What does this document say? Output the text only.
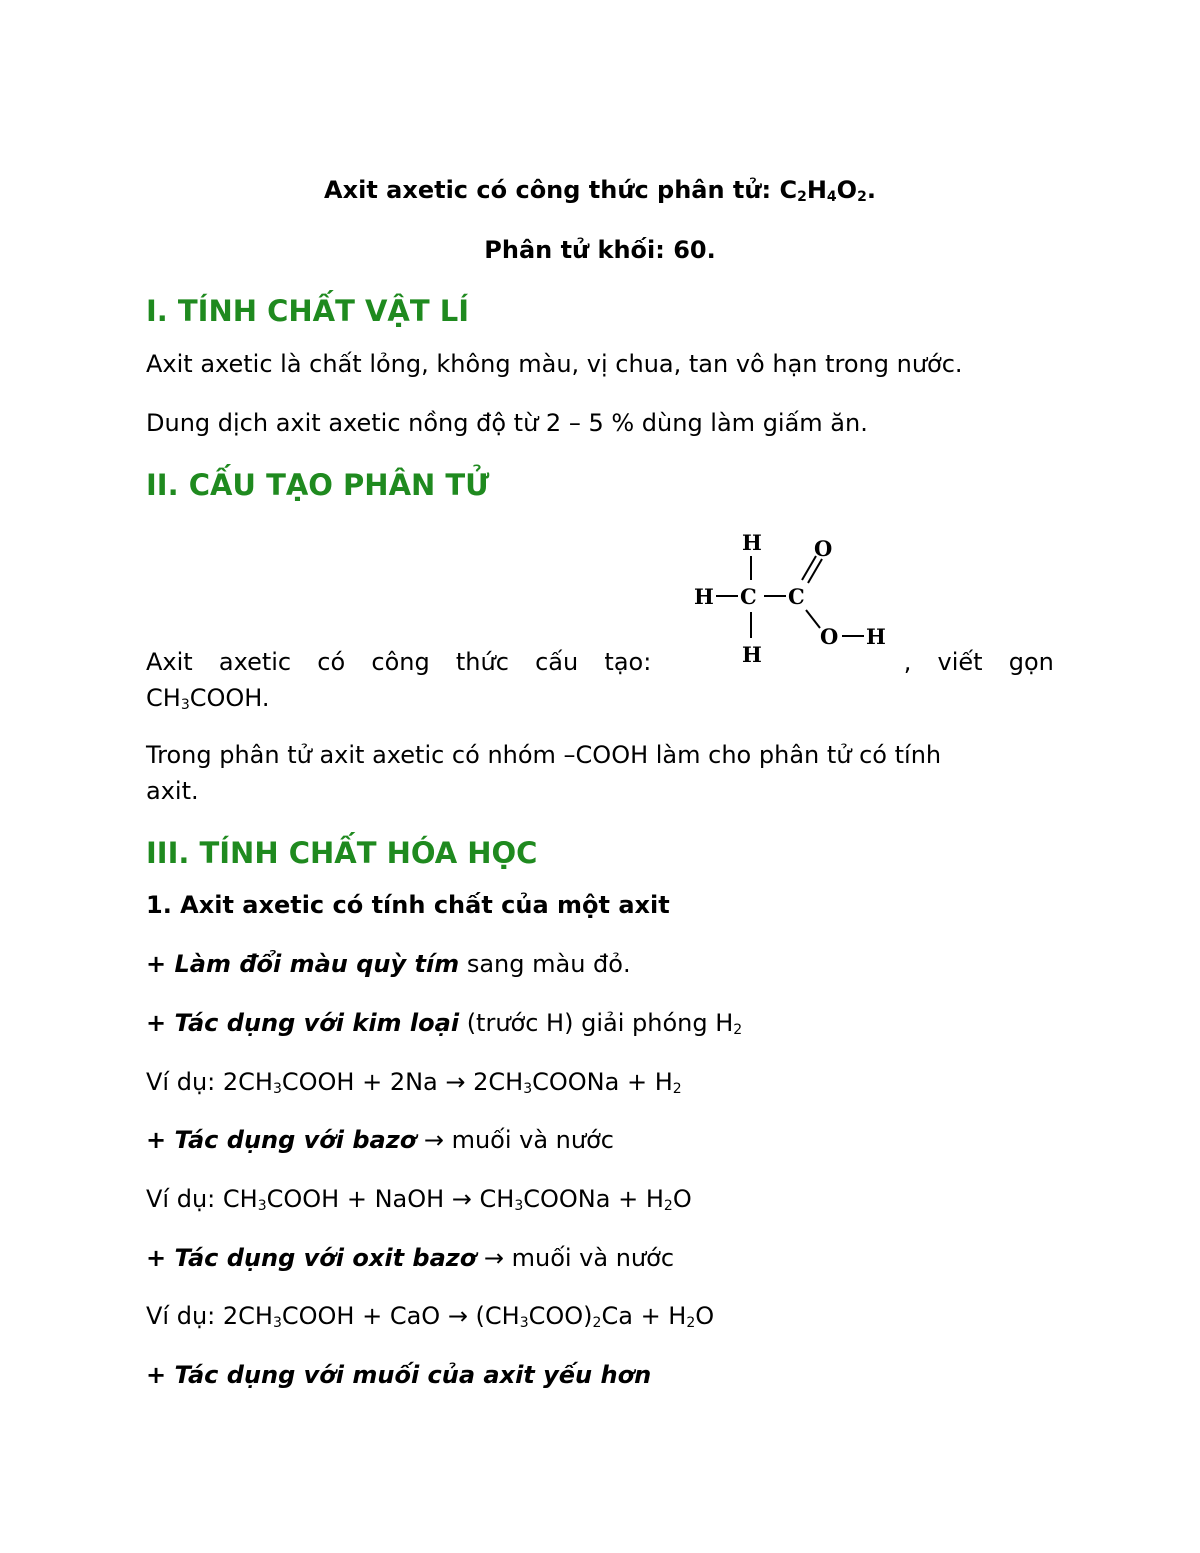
Axit axetic có công thức phân tử: $C_2H_4O_2$.
Phân tử khối: 60.
I. TÍNH CHẤT VẬT LÍ
Axit axetic là chất lỏng, không màu, vị chua, tan vô hạn trong nước.
Dung dịch axit axetic nồng độ từ 2 – 5 % dùng làm giấm ăn.
II. CẤU TẠO PHÂN TỬ
Axit axetic có công thức cấu tạo:	, viết gọn
$CH_3COOH$.
H C
H
H
C
O
O H
Trong phân tử axit axetic có nhóm –COOH làm cho phân tử có tính
axit.
III. TÍNH CHẤT HÓA HỌC
1. Axit axetic có tính chất của một axit
+ Làm đổi màu quỳ tím sang màu đỏ.
+ Tác dụng với kim loại (trước H) giải phóng $H_2$
Ví dụ: $2CH_3COOH + 2Na$ → $2CH_3COONa + H_2$
+ Tác dụng với bazơ → muối và nước
Ví dụ: $CH_3COOH$ + NaOH → $CH_3COONa + H_2O$
+ Tác dụng với oxit bazơ → muối và nước
Ví dụ: $2CH_3COOH$ + CaO → $(CH_3COO)_2Ca + H_2O$
+ Tác dụng với muối của axit yếu hơn
